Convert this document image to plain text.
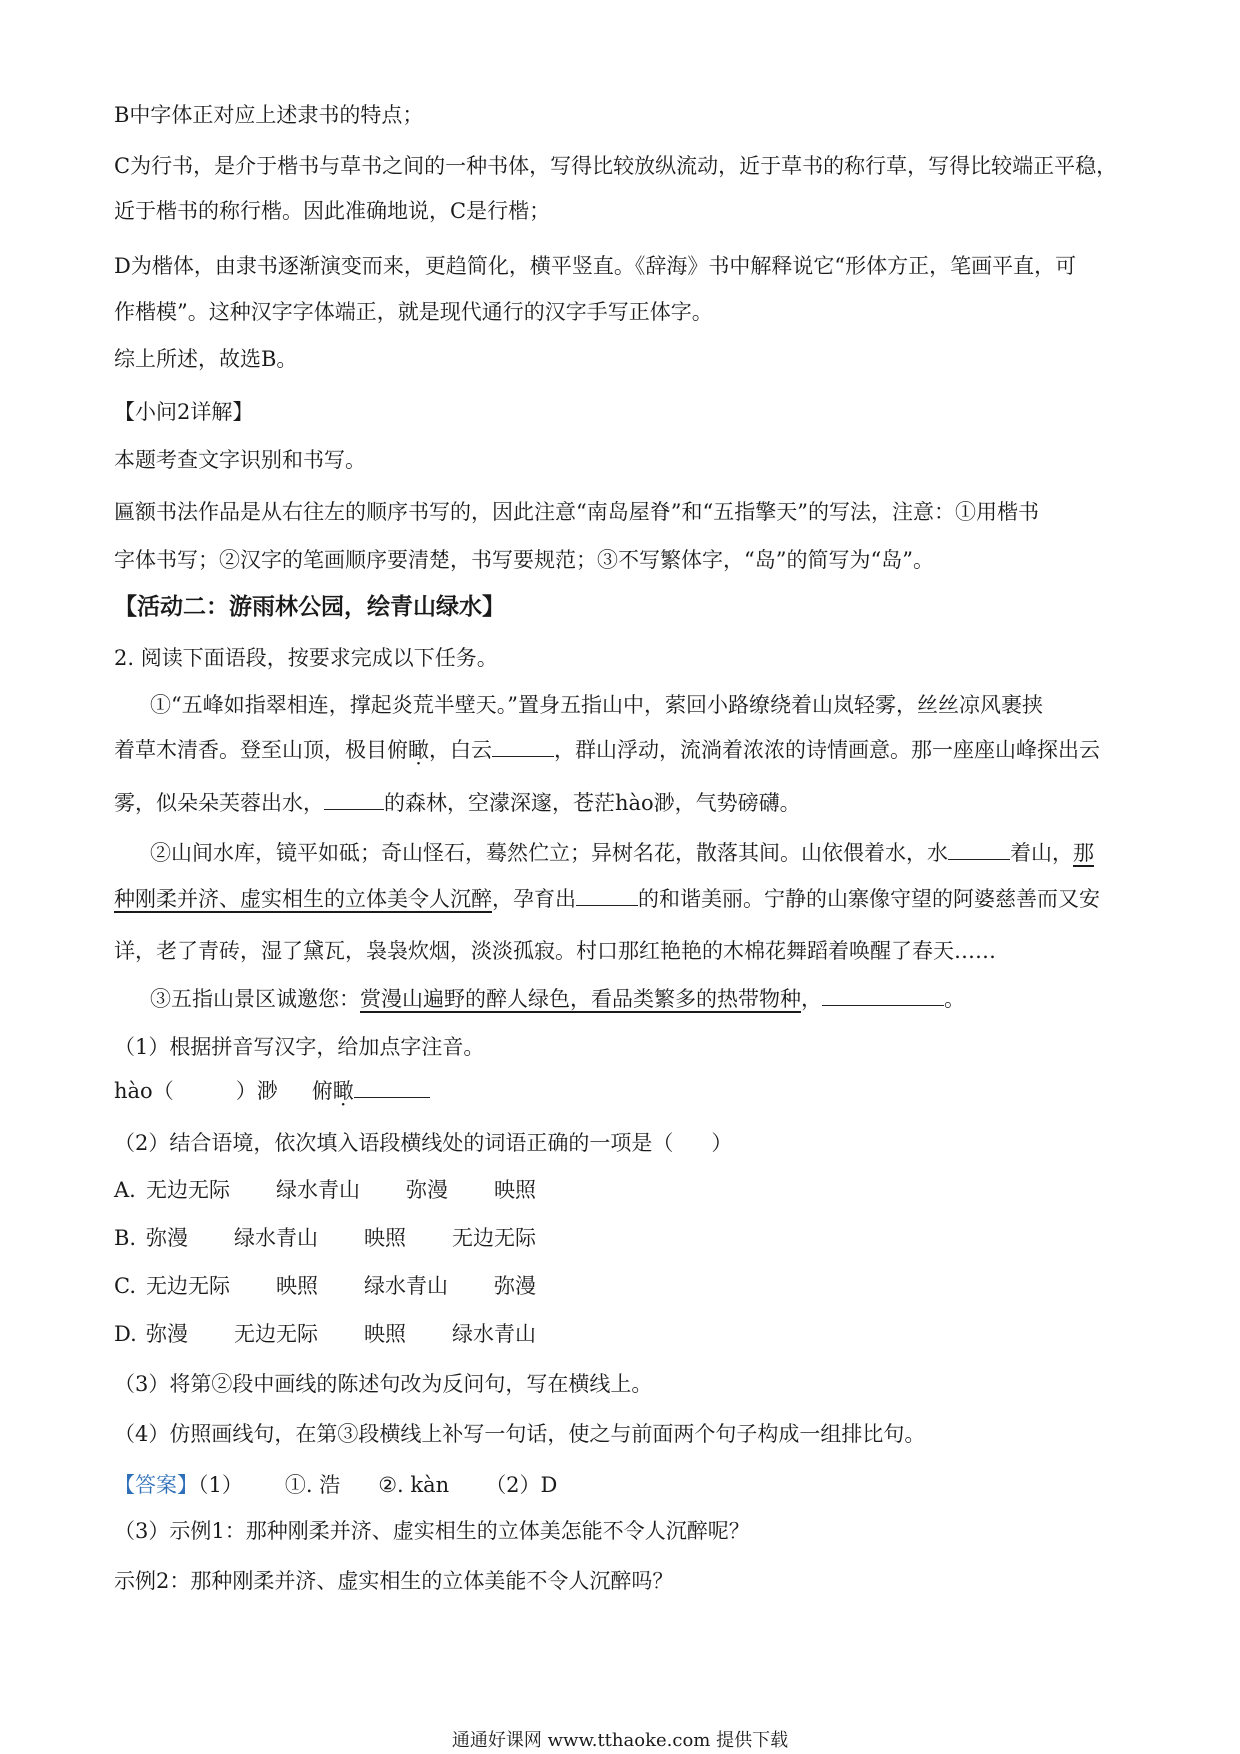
B中字体正对应上述隶书的特点；
C为行书，是介于楷书与草书之间的一种书体，写得比较放纵流动，近于草书的称行草，写得比较端正平稳，
近于楷书的称行楷。因此准确地说，C是行楷；
D为楷体，由隶书逐渐演变而来，更趋简化，横平竖直。《辞海》书中解释说它“形体方正，笔画平直，可
作楷模”。这种汉字字体端正，就是现代通行的汉字手写正体字。
综上所述，故选B。
【小问2详解】
本题考查文字识别和书写。
匾额书法作品是从右往左的顺序书写的，因此注意“南岛屋脊”和“五指擎天”的写法，注意：①用楷书
字体书写；②汉字的笔画顺序要清楚，书写要规范；③不写繁体字，“岛”的简写为“岛”。
【活动二：游雨林公园，绘青山绿水】
2. 阅读下面语段，按要求完成以下任务。
①“五峰如指翠相连，撑起炎荒半壁天。”置身五指山中，萦回小路缭绕着山岚轻雾，丝丝凉风裹挟
着草木清香。登至山顶，极目俯瞰，白云	，群山浮动，流淌着浓浓的诗情画意。那一座座山峰探出云
雾，似朵朵芙蓉出水，	的森林，空濛深邃，苍茫hào渺，气势磅礴。
②山间水库，镜平如砥；奇山怪石，蓦然伫立；异树名花，散落其间。山依偎着水，水	着山，那
种刚柔并济、虚实相生的立体美令人沉醉，孕育出	的和谐美丽。宁静的山寨像守望的阿婆慈善而又安
详，老了青砖，湿了黛瓦，袅袅炊烟，淡淡孤寂。村口那红艳艳的木棉花舞蹈着唤醒了春天……
③五指山景区诚邀您：赏漫山遍野的醉人绿色，看品类繁多的热带物种，	。
（1）根据拼音写汉字，给加点字注音。
hào（	）渺 俯瞰
（2）结合语境，依次填入语段横线处的词语正确的一项是（ ）
A. 无边无际 绿水青山 弥漫 映照
B. 弥漫 绿水青山 映照 无边无际
C. 无边无际 映照 绿水青山 弥漫
D. 弥漫 无边无际 映照 绿水青山
（3）将第②段中画线的陈述句改为反问句，写在横线上。
（4）仿照画线句，在第③段横线上补写一句话，使之与前面两个句子构成一组排比句。
【答案】（1） ①. 浩 ②. kàn （2）D
（3）示例1：那种刚柔并济、虚实相生的立体美怎能不令人沉醉呢？
示例2：那种刚柔并济、虚实相生的立体美能不令人沉醉吗？
通通好课网 www.tthaoke.com 提供下载
